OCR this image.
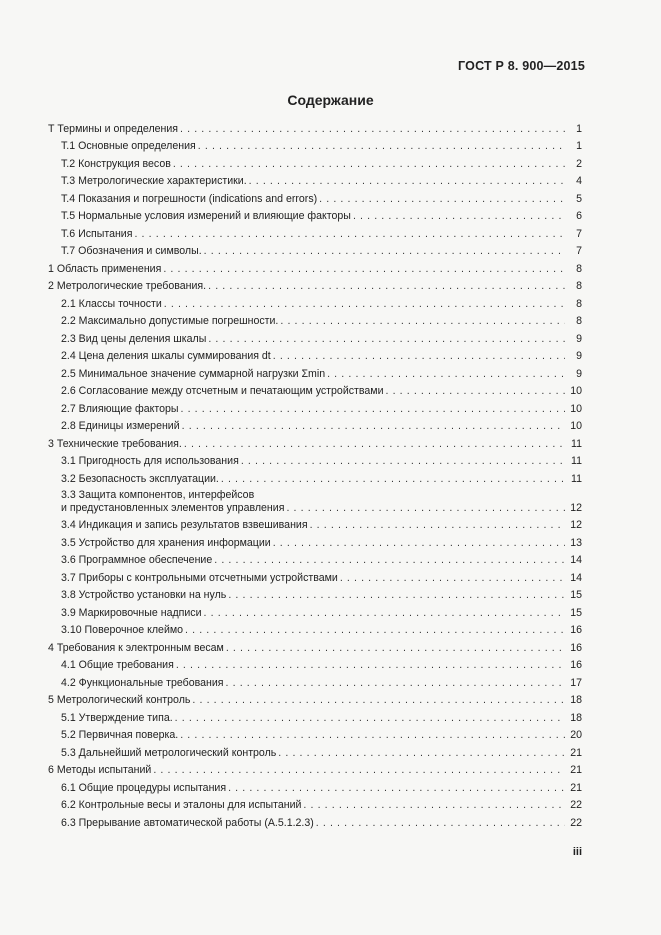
ГОСТ Р 8. 900—2015
Содержание
Т Термины и определения . . .	1
Т.1 Основные определения . . .	1
Т.2 Конструкция весов . . .	2
Т.3 Метрологические характеристики. . . .	4
Т.4 Показания и погрешности (indications and errors) . . .	5
Т.5 Нормальные условия измерений и влияющие факторы . . .	6
Т.6 Испытания . . .	7
Т.7 Обозначения и символы. . . .	7
1 Область применения . . .	8
2 Метрологические требования. . . .	8
2.1 Классы точности . . .	8
2.2 Максимально допустимые погрешности. . . .	8
2.3 Вид цены деления шкалы . . .	9
2.4 Цена деления шкалы суммирования dt . . .	9
2.5 Минимальное значение суммарной нагрузки Σmin . . .	9
2.6 Согласование между отсчетным и печатающим устройствами . . .	10
2.7 Влияющие факторы . . .	10
2.8 Единицы измерений . . .	10
3 Технические требования. . . .	11
3.1 Пригодность для использования . . .	11
3.2 Безопасность эксплуатации. . . .	11
3.3 Защита компонентов, интерфейсов
и предустановленных элементов управления . . .	12
3.4 Индикация и запись результатов взвешивания . . .	12
3.5 Устройство для хранения информации . . .	13
3.6 Программное обеспечение . . .	14
3.7 Приборы с контрольными отсчетными устройствами . . .	14
3.8 Устройство установки на нуль . . .	15
3.9 Маркировочные надписи . . .	15
3.10 Поверочное клеймо . . .	16
4 Требования к электронным весам . . .	16
4.1 Общие требования . . .	16
4.2 Функциональные требования . . .	17
5 Метрологический контроль . . .	18
5.1 Утверждение типа. . . .	18
5.2 Первичная поверка. . . .	20
5.3 Дальнейший метрологический контроль . . .	21
6 Методы испытаний . . .	21
6.1 Общие процедуры испытания . . .	21
6.2 Контрольные весы и эталоны для испытаний . . .	22
6.3 Прерывание автоматической работы (А.5.1.2.3) . . .	22
iii
